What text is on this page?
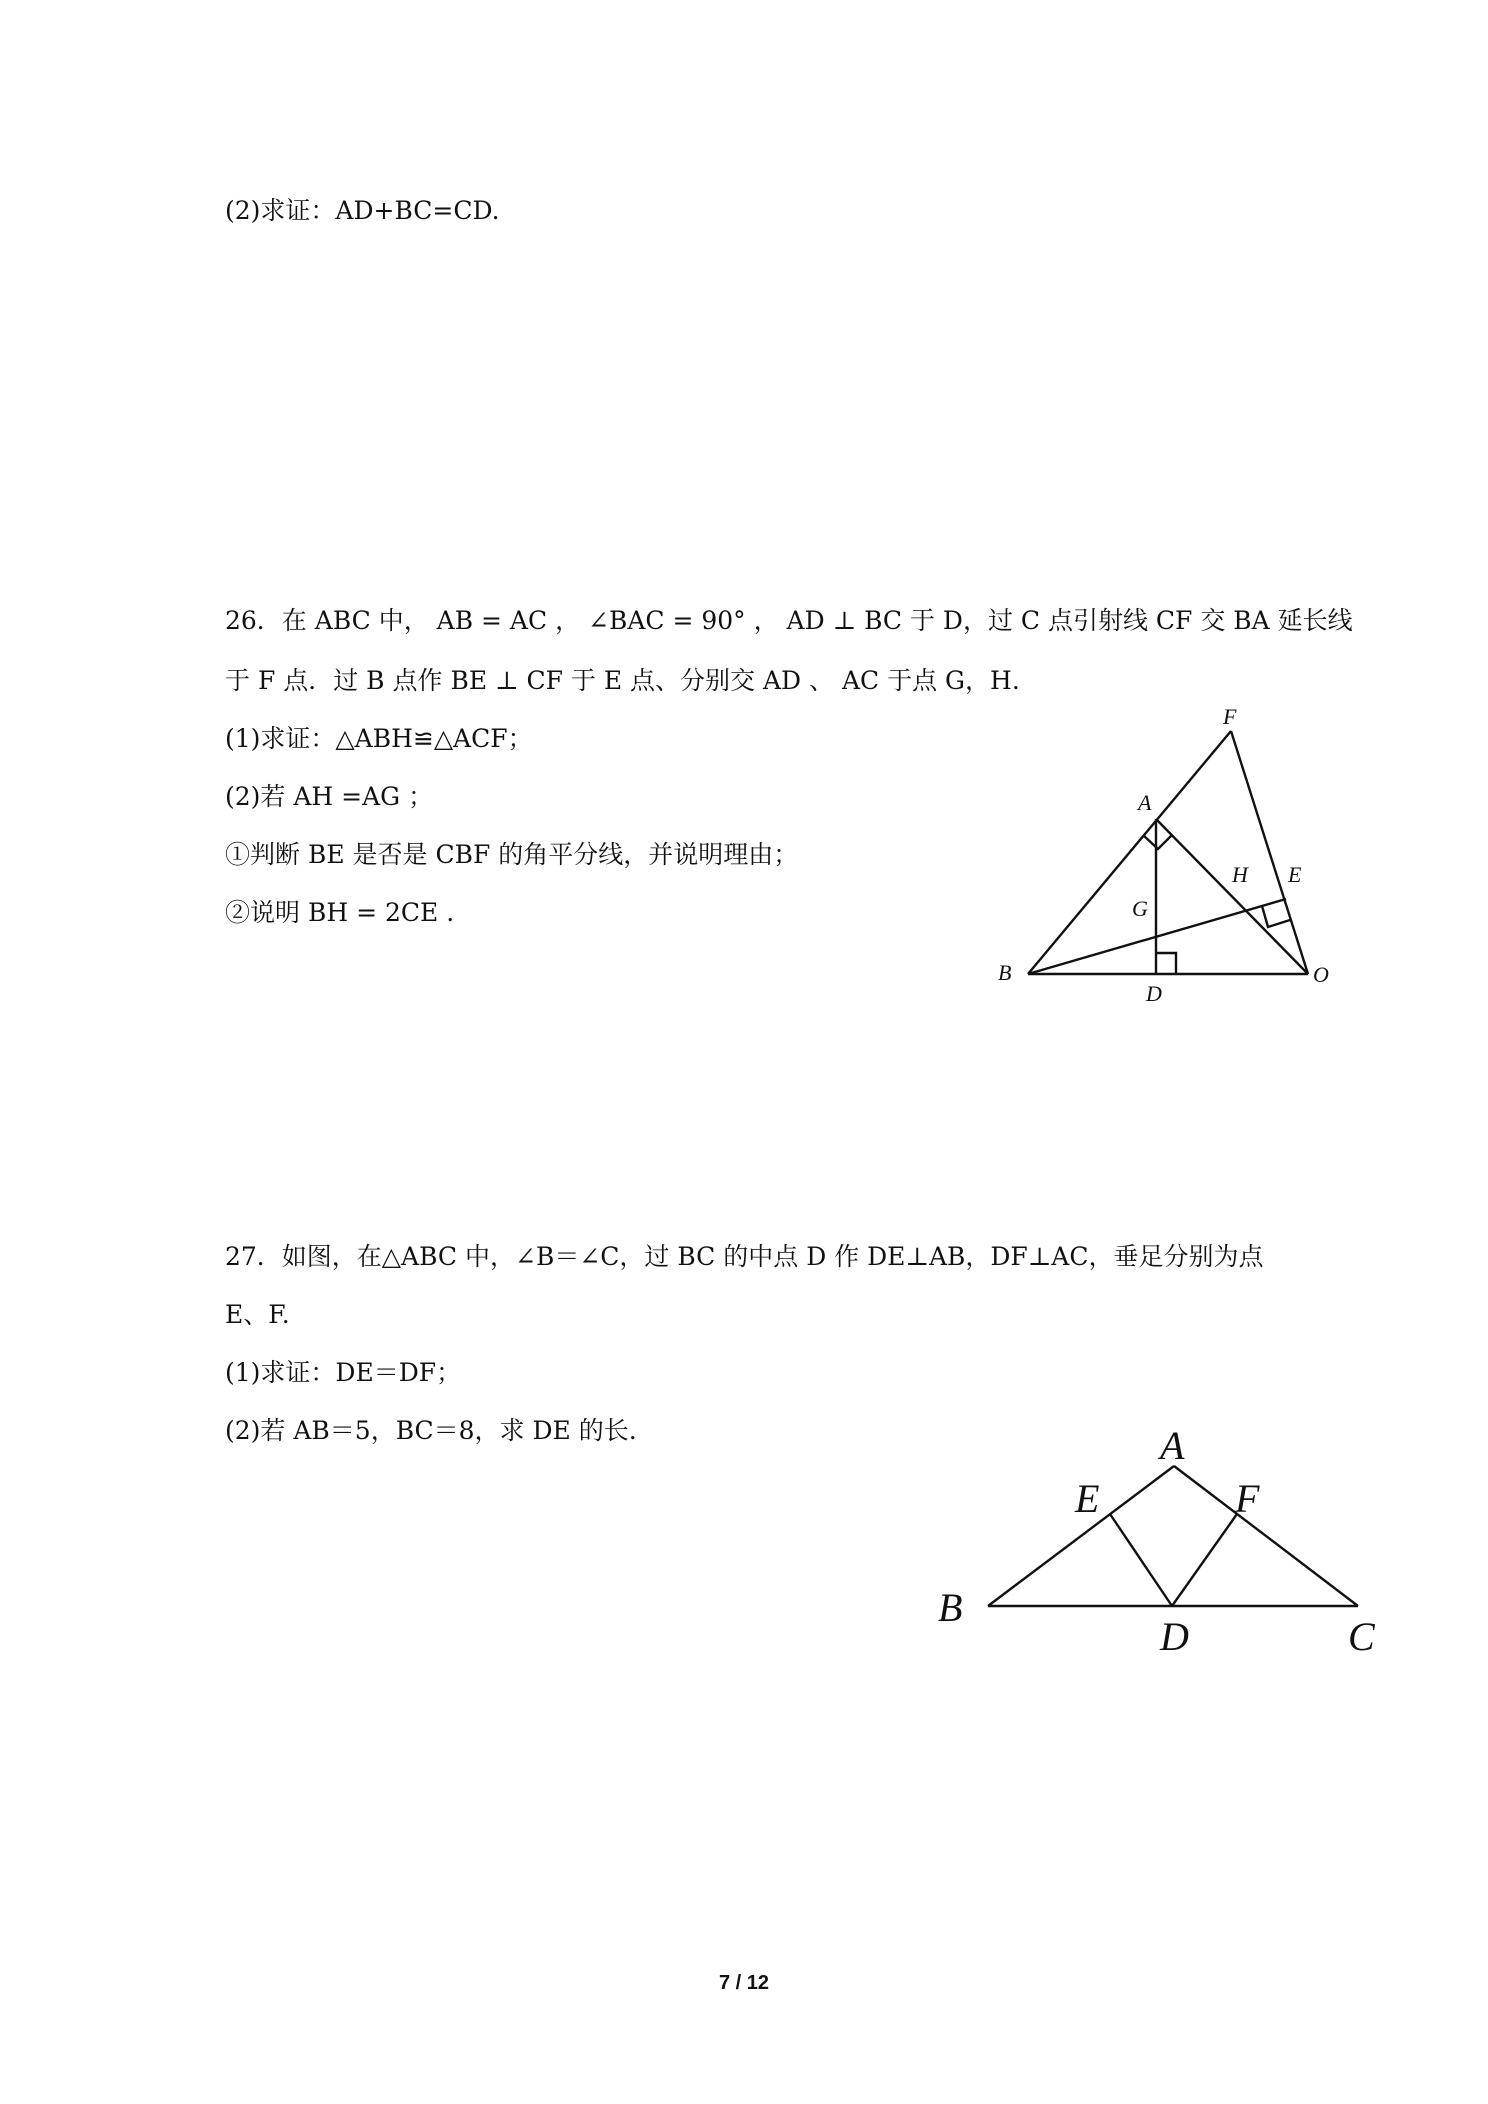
(2)求证：AD+BC=CD.
26．在 ABC 中， AB = AC ， ∠BAC = 90° ， AD ⊥ BC 于 D，过 C 点引射线 CF 交 BA 延长线
于 F 点．过 B 点作 BE ⊥ CF 于 E 点、分别交 AD 、 AC 于点 G，H.
(1)求证：△ABH≌△ACF；
(2)若 AH =AG ；
①判断 BE 是否是 CBF 的角平分线，并说明理由；
②说明 BH = 2CE .
F
A
H E
G
B
D
O
27．如图，在△ABC 中，∠B＝∠C，过 BC 的中点 D 作 DE⊥AB，DF⊥AC，垂足分别为点
E、F.
(1)求证：DE＝DF；
(2)若 AB＝5，BC＝8，求 DE 的长.	A
E	F
B
D	C
7 / 12
